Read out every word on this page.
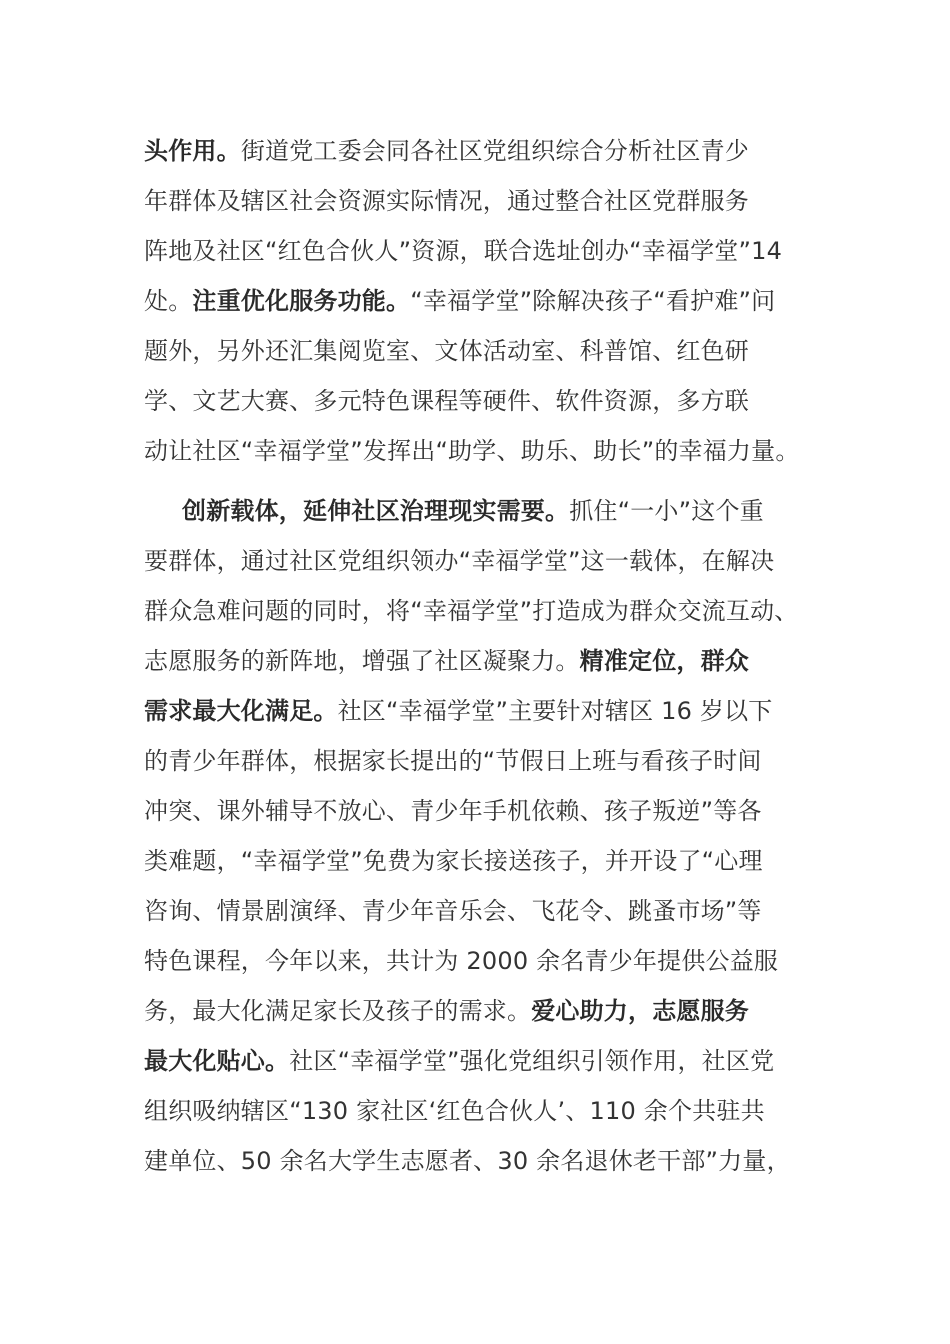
头作用。街道党工委会同各社区党组织综合分析社区青少
年群体及辖区社会资源实际情况，通过整合社区党群服务
阵地及社区“红色合伙人”资源，联合选址创办“幸福学堂”14
处。注重优化服务功能。“幸福学堂”除解决孩子“看护难”问
题外，另外还汇集阅览室、文体活动室、科普馆、红色研
学、文艺大赛、多元特色课程等硬件、软件资源，多方联
动让社区“幸福学堂”发挥出“助学、助乐、助长”的幸福力量。
创新载体，延伸社区治理现实需要。抓住“一小”这个重
要群体，通过社区党组织领办“幸福学堂”这一载体，在解决
群众急难问题的同时，将“幸福学堂”打造成为群众交流互动、
志愿服务的新阵地，增强了社区凝聚力。精准定位，群众
需求最大化满足。社区“幸福学堂”主要针对辖区 16 岁以下
的青少年群体，根据家长提出的“节假日上班与看孩子时间
冲突、课外辅导不放心、青少年手机依赖、孩子叛逆”等各
类难题，“幸福学堂”免费为家长接送孩子，并开设了“心理
咨询、情景剧演绎、青少年音乐会、飞花令、跳蚤市场”等
特色课程，今年以来，共计为 2000 余名青少年提供公益服
务，最大化满足家长及孩子的需求。爱心助力，志愿服务
最大化贴心。社区“幸福学堂”强化党组织引领作用，社区党
组织吸纳辖区“130 家社区‘红色合伙人’、110 余个共驻共
建单位、50 余名大学生志愿者、30 余名退休老干部”力量，
